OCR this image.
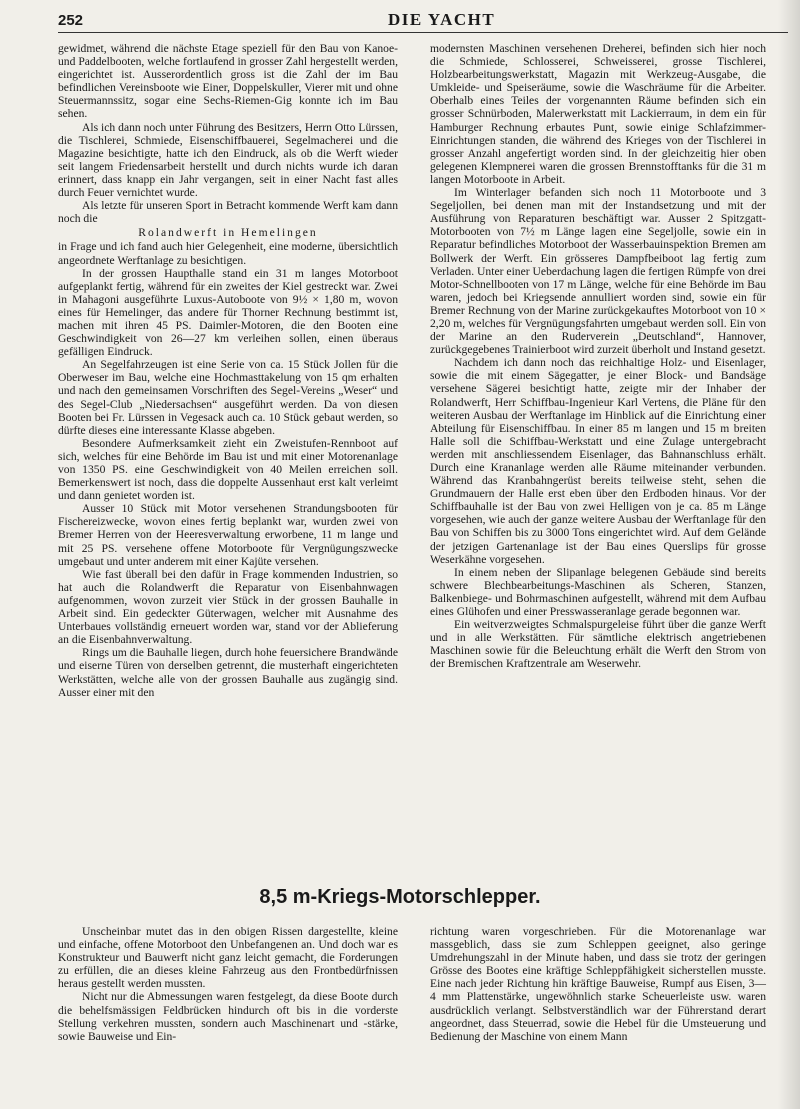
252	DIE YACHT

gewidmet, während die nächste Etage speziell für den Bau von Kanoe- und Paddelbooten, welche fortlaufend in grosser Zahl hergestellt werden, eingerichtet ist. Ausserordentlich gross ist die Zahl der im Bau befindlichen Vereinsboote wie Einer, Doppelskuller, Vierer mit und ohne Steuermannssitz, sogar eine Sechs-Riemen-Gig konnte ich im Bau sehen.

Als ich dann noch unter Führung des Besitzers, Herrn Otto Lürssen, die Tischlerei, Schmiede, Eisenschiffbauerei, Segelmacherei und die Magazine besichtigte, hatte ich den Eindruck, als ob die Werft wieder seit langem Friedensarbeit herstellt und durch nichts wurde ich daran erinnert, dass knapp ein Jahr vergangen, seit in einer Nacht fast alles durch Feuer vernichtet wurde.

Als letzte für unseren Sport in Betracht kommende Werft kam dann noch die

Rolandwerft in Hemelingen

in Frage und ich fand auch hier Gelegenheit, eine moderne, übersichtlich angeordnete Werftanlage zu besichtigen.

In der grossen Haupthalle stand ein 31 m langes Motorboot aufgeplankt fertig, während für ein zweites der Kiel gestreckt war. Zwei in Mahagoni ausgeführte Luxus-Autoboote von 9½ × 1,80 m, wovon eines für Hemelinger, das andere für Thorner Rechnung bestimmt ist, machen mit ihren 45 PS. Daimler-Motoren, die den Booten eine Geschwindigkeit von 26—27 km verleihen sollen, einen überaus gefälligen Eindruck.

An Segelfahrzeugen ist eine Serie von ca. 15 Stück Jollen für die Oberweser im Bau, welche eine Hochmasttakelung von 15 qm erhalten und nach den gemeinsamen Vorschriften des Segel-Vereins „Weser“ und des Segel-Club „Niedersachsen“ ausgeführt werden. Da von diesen Booten bei Fr. Lürssen in Vegesack auch ca. 10 Stück gebaut werden, so dürfte dieses eine interessante Klasse abgeben.

Besondere Aufmerksamkeit zieht ein Zweistufen-Rennboot auf sich, welches für eine Behörde im Bau ist und mit einer Motorenanlage von 1350 PS. eine Geschwindigkeit von 40 Meilen erreichen soll. Bemerkenswert ist noch, dass die doppelte Aussenhaut erst kalt verleimt und dann genietet worden ist.

Ausser 10 Stück mit Motor versehenen Strandungsbooten für Fischereizwecke, wovon eines fertig beplankt war, wurden zwei von Bremer Herren von der Heeresverwaltung erworbene, 11 m lange und mit 25 PS. versehene offene Motorboote für Vergnügungszwecke umgebaut und unter anderem mit einer Kajüte versehen.

Wie fast überall bei den dafür in Frage kommenden Industrien, so hat auch die Rolandwerft die Reparatur von Eisenbahnwagen aufgenommen, wovon zurzeit vier Stück in der grossen Bauhalle in Arbeit sind. Ein gedeckter Güterwagen, welcher mit Ausnahme des Unterbaues vollständig erneuert worden war, stand vor der Ablieferung an die Eisenbahnverwaltung.

Rings um die Bauhalle liegen, durch hohe feuersichere Brandwände und eiserne Türen von derselben getrennt, die musterhaft eingerichteten Werkstätten, welche alle von der grossen Bauhalle aus zugängig sind. Ausser einer mit den

modernsten Maschinen versehenen Dreherei, befinden sich hier noch die Schmiede, Schlosserei, Schweisserei, grosse Tischlerei, Holzbearbeitungswerkstatt, Magazin mit Werkzeug-Ausgabe, die Umkleide- und Speiseräume, sowie die Waschräume für die Arbeiter. Oberhalb eines Teiles der vorgenannten Räume befinden sich ein grosser Schnürboden, Malerwerkstatt mit Lackierraum, in dem ein für Hamburger Rechnung erbautes Punt, sowie einige Schlafzimmer-Einrichtungen standen, die während des Krieges von der Tischlerei in grosser Anzahl angefertigt worden sind. In der gleichzeitig hier oben gelegenen Klempnerei waren die grossen Brennstofftanks für die 31 m langen Motorboote in Arbeit.

Im Winterlager befanden sich noch 11 Motorboote und 3 Segeljollen, bei denen man mit der Instandsetzung und mit der Ausführung von Reparaturen beschäftigt war. Ausser 2 Spitzgatt-Motorbooten von 7½ m Länge lagen eine Segeljolle, sowie ein in Reparatur befindliches Motorboot der Wasserbauinspektion Bremen am Bollwerk der Werft. Ein grösseres Dampfbeiboot lag fertig zum Verladen. Unter einer Ueberdachung lagen die fertigen Rümpfe von drei Motor-Schnellbooten von 17 m Länge, welche für eine Behörde im Bau waren, jedoch bei Kriegsende annulliert worden sind, sowie ein für Bremer Rechnung von der Marine zurückgekauftes Motorboot von 10 × 2,20 m, welches für Vergnügungsfahrten umgebaut werden soll. Ein von der Marine an den Ruderverein „Deutschland“, Hannover, zurückgegebenes Trainierboot wird zurzeit überholt und Instand gesetzt.

Nachdem ich dann noch das reichhaltige Holz- und Eisenlager, sowie die mit einem Sägegatter, je einer Block- und Bandsäge versehene Sägerei besichtigt hatte, zeigte mir der Inhaber der Rolandwerft, Herr Schiffbau-Ingenieur Karl Vertens, die Pläne für den weiteren Ausbau der Werftanlage im Hinblick auf die Einrichtung einer Abteilung für Eisenschiffbau. In einer 85 m langen und 15 m breiten Halle soll die Schiffbau-Werkstatt und eine Zulage untergebracht werden mit anschliessendem Eisenlager, das Bahnanschluss erhält. Durch eine Krananlage werden alle Räume miteinander verbunden. Während das Kranbahngerüst bereits teilweise steht, sehen die Grundmauern der Halle erst eben über den Erdboden hinaus. Vor der Schiffbauhalle ist der Bau von zwei Helligen von je ca. 85 m Länge vorgesehen, wie auch der ganze weitere Ausbau der Werftanlage für den Bau von Schiffen bis zu 3000 Tons eingerichtet wird. Auf dem Gelände der jetzigen Gartenanlage ist der Bau eines Querslips für grosse Weserkähne vorgesehen.

In einem neben der Slipanlage belegenen Gebäude sind bereits schwere Blechbearbeitungs-Maschinen als Scheren, Stanzen, Balkenbiege- und Bohrmaschinen aufgestellt, während mit dem Aufbau eines Glühofen und einer Presswasseranlage gerade begonnen war.

Ein weitverzweigtes Schmalspurgeleise führt über die ganze Werft und in alle Werkstätten. Für sämtliche elektrisch angetriebenen Maschinen sowie für die Beleuchtung erhält die Werft den Strom von der Bremischen Kraftzentrale am Weserwehr.

8,5 m-Kriegs-Motorschlepper.

Unscheinbar mutet das in den obigen Rissen dargestellte, kleine und einfache, offene Motorboot den Unbefangenen an. Und doch war es Konstrukteur und Bauwerft nicht ganz leicht gemacht, die Forderungen zu erfüllen, die an dieses kleine Fahrzeug aus den Frontbedürfnissen heraus gestellt werden mussten.

Nicht nur die Abmessungen waren festgelegt, da diese Boote durch die behelfsmässigen Feldbrücken hindurch oft bis in die vorderste Stellung verkehren mussten, sondern auch Maschinenart und -stärke, sowie Bauweise und Ein-

richtung waren vorgeschrieben. Für die Motorenanlage war massgeblich, dass sie zum Schleppen geeignet, also geringe Umdrehungszahl in der Minute haben, und dass sie trotz der geringen Grösse des Bootes eine kräftige Schleppfähigkeit sicherstellen musste. Eine nach jeder Richtung hin kräftige Bauweise, Rumpf aus Eisen, 3—4 mm Plattenstärke, ungewöhnlich starke Scheuerleiste usw. waren ausdrücklich verlangt. Selbstverständlich war der Führerstand derart angeordnet, dass Steuerrad, sowie die Hebel für die Umsteuerung und Bedienung der Maschine von einem Mann
